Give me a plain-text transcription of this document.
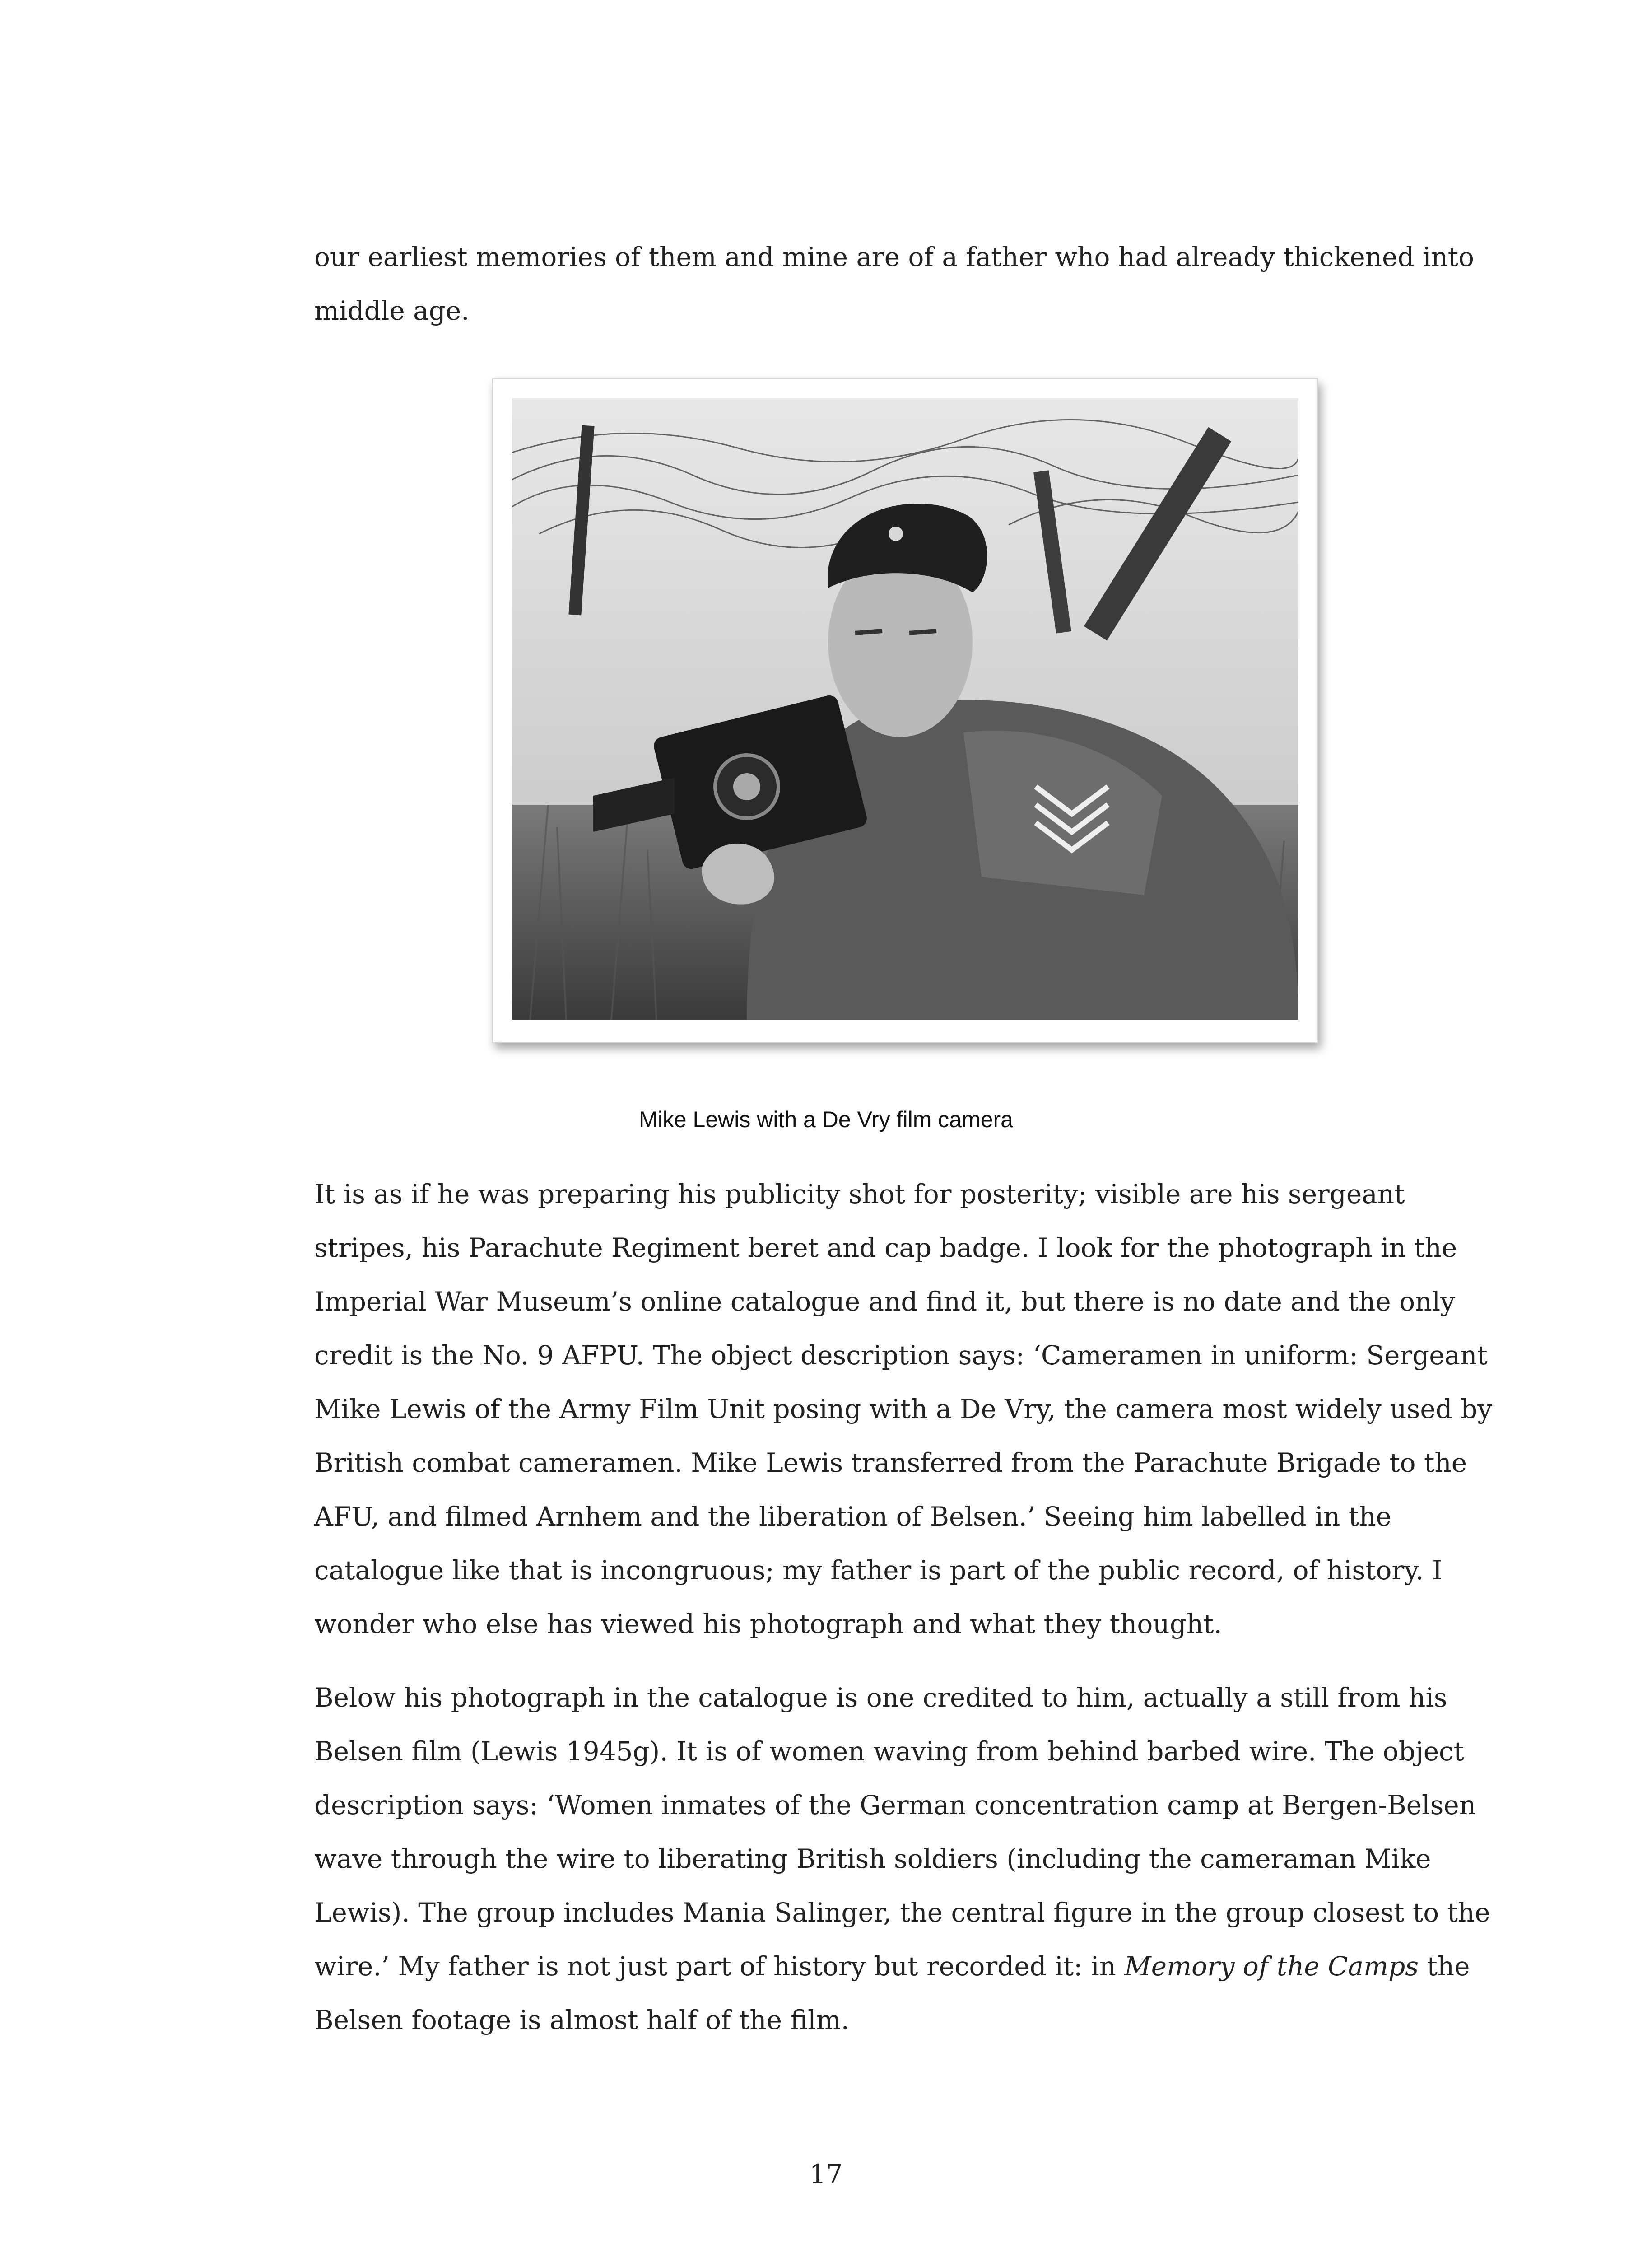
our earliest memories of them and mine are of a father who had already thickened into middle age.

Mike Lewis with a De Vry film camera

It is as if he was preparing his publicity shot for posterity; visible are his sergeant stripes, his Parachute Regiment beret and cap badge. I look for the photograph in the Imperial War Museum’s online catalogue and find it, but there is no date and the only credit is the No. 9 AFPU. The object description says: ‘Cameramen in uniform: Sergeant Mike Lewis of the Army Film Unit posing with a De Vry, the camera most widely used by British combat cameramen. Mike Lewis transferred from the Parachute Brigade to the AFU, and filmed Arnhem and the liberation of Belsen.’ Seeing him labelled in the catalogue like that is incongruous; my father is part of the public record, of history. I wonder who else has viewed his photograph and what they thought.

Below his photograph in the catalogue is one credited to him, actually a still from his Belsen film (Lewis 1945g). It is of women waving from behind barbed wire. The object description says: ‘Women inmates of the German concentration camp at Bergen-Belsen wave through the wire to liberating British soldiers (including the cameraman Mike Lewis). The group includes Mania Salinger, the central figure in the group closest to the wire.’ My father is not just part of history but recorded it: in Memory of the Camps the Belsen footage is almost half of the film.

17
